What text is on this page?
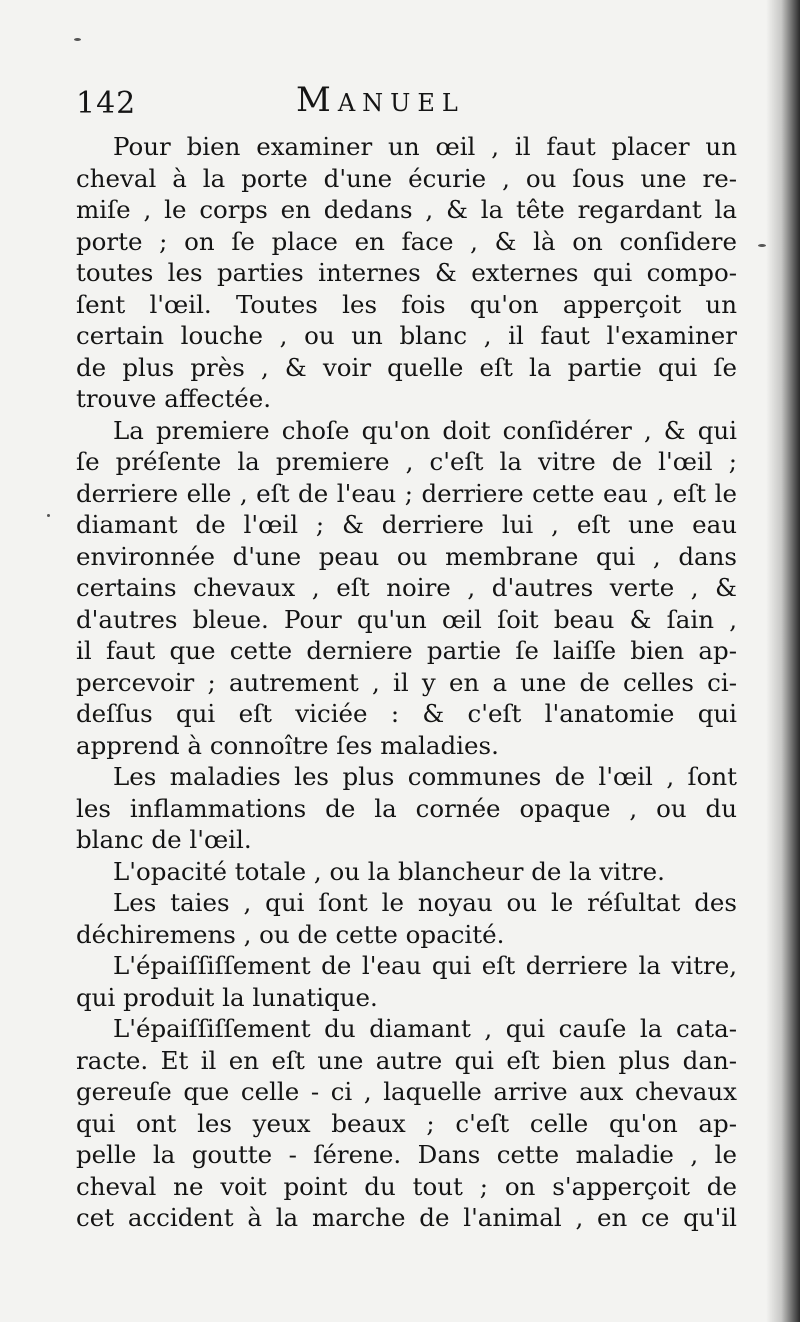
142	Manuel

Pour bien examiner un œil , il faut placer un
cheval à la porte d'une écurie , ou ſous une re-
miſe , le corps en dedans , & la tête regardant la
porte ; on ſe place en face , & là on conſidere
toutes les parties internes & externes qui compo-
ſent l'œil. Toutes les fois qu'on apperçoit un
certain louche , ou un blanc , il faut l'examiner
de plus près , & voir quelle eſt la partie qui ſe
trouve affectée.

La premiere choſe qu'on doit conſidérer , & qui
ſe préſente la premiere , c'eſt la vitre de l'œil ;
derriere elle , eſt de l'eau ; derriere cette eau , eſt le
diamant de l'œil ; & derriere lui , eſt une eau
environnée d'une peau ou membrane qui , dans
certains chevaux , eſt noire , d'autres verte , &
d'autres bleue. Pour qu'un œil ſoit beau & ſain ,
il faut que cette derniere partie ſe laiſſe bien ap-
percevoir ; autrement , il y en a une de celles ci-
deſſus qui eſt viciée : & c'eſt l'anatomie qui
apprend à connoître ſes maladies.

Les maladies les plus communes de l'œil , ſont
les inflammations de la cornée opaque , ou du
blanc de l'œil.

L'opacité totale , ou la blancheur de la vitre.

Les taies , qui ſont le noyau ou le réſultat des
déchiremens , ou de cette opacité.

L'épaiſſiſſement de l'eau qui eſt derriere la vitre,
qui produit la lunatique.

L'épaiſſiſſement du diamant , qui cauſe la cata-
racte. Et il en eſt une autre qui eſt bien plus dan-
gereuſe que celle - ci , laquelle arrive aux chevaux
qui ont les yeux beaux ; c'eſt celle qu'on ap-
pelle la goutte - ſérene. Dans cette maladie , le
cheval ne voit point du tout ; on s'apperçoit de
cet accident à la marche de l'animal , en ce qu'il
